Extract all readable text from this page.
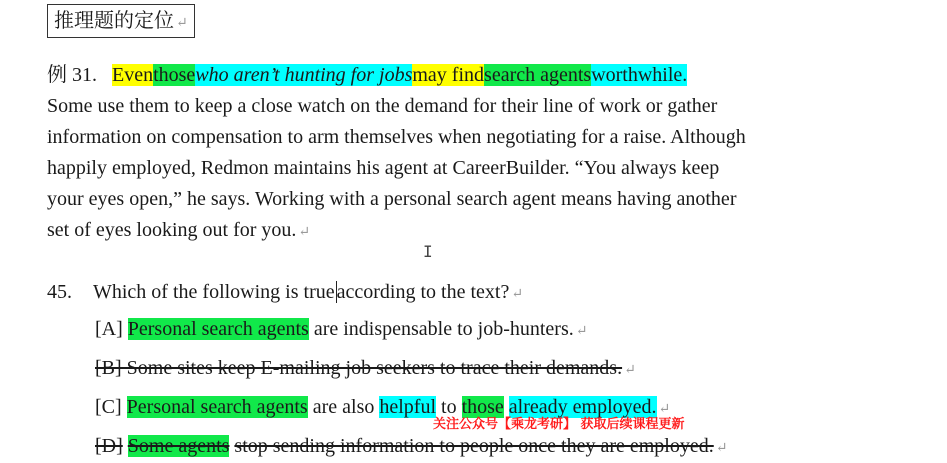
推理题的定位 ↵
例 31. Eventhosewho aren’t hunting for jobsmay findsearch agentsworthwhile.
Some use them to keep a close watch on the demand for their line of work or gather
information on compensation to arm themselves when negotiating for a raise. Although
happily employed, Redmon maintains his agent at CareerBuilder. “You always keep
your eyes open,” he says. Working with a personal search agent means having another
set of eyes looking out for you. ↵
I
45. Which of the following is true according to the text? ↵
[A] Personal search agents are indispensable to job-hunters. ↵
[B] Some sites keep E-mailing job seekers to trace their demands. ↵
[C] Personal search agents are also helpful to those already employed. ↵
关注公众号【乘龙考研】 获取后续课程更新
[D] Some agents stop sending information to people once they are employed. ↵
